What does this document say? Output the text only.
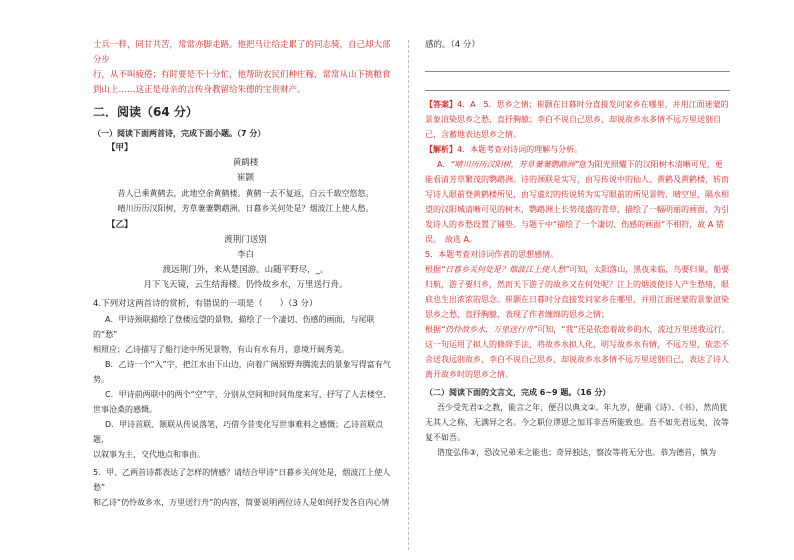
士兵一样，同甘共苦，常常亦脚走路。他把马让给走累了的同志骑，自己却大部分步

行，从不叫疲倦；有时要是不十分忙，他帮助农民们种庄稼，常常从山下挑粮食

到山上……这正是母亲的言传身教留给朱德的宝贵财产。

二．阅读（64 分）

（一）阅读下面两首诗，完成下面小题。（7 分）

【甲】

黄鹤楼

崔颢

昔人已乘黄鹤去，此地空余黄鹤楼。黄鹤一去不复返，白云千载空悠悠。

晴川历历汉阳树，芳草萋萋鹦鹉洲。日暮乡关何处是？烟波江上使人愁。

【乙】

渡荆门送别

李白

渡远荆门外，来从楚国游。山随平野尽，_。

月下飞天镜，云生结海楼。仍怜故乡水，万里送行舟。

4.下列对这两首诗的赏析，有错误的一项是（　　）（3 分）

A．甲诗颈联描绘了登楼远望的景物，描绘了一个凄切、伤感的画面，与尾联的“愁”

相照应；乙诗描写了船行途中所见景物，有山有水有月，意境开阔秀美。

B．乙诗一个“入”字，把江水由下山边，向着广阔原野奔腾流去的景象写得富有气

势。

C．甲诗前两联中的两个“空”字，分别从空间和时间角度来写，抒写了人去楼空、

世事沧桑的感慨。

D．甲诗首联、颔联从传说落笔，巧借今昔变化写世事难料之感慨；乙诗首联点题，

以叙事为主，交代地点和事由。

5．甲、乙两首诗都表达了怎样的情感？请结合甲诗“日暮乡关何处是，烟波江上使人愁”

和乙诗“仍怜故乡水，万里送行舟”的内容，简要说明两位诗人是如何抒发各自内心情

感的。（4 分）

【答案】4．A　5．思乡之情；崔颢在日暮时分直接发问家乡在哪里，并用江面迷蒙的景象渲染思乡之愁，直抒胸臆；李白不说自己思乡，却说故乡水多情不远万里送别自己，含蓄地表达思乡之情。

【解析】4．本题考查对诗词的理解与分析。

A．“晴川历历汉阳树，芳草萋萋鹦鹉洲”意为阳光照耀下的汉阳树木清晰可见，更能看清芳草繁茂的鹦鹉洲。诗的颈联是实写，由写传说中的仙人、黄鹤及黄鹤楼，转而写诗人眼前登黄鹤楼所见，由写虚幻的传说转为实写眼前的所见景物，晴空里，隔水相望的汉阳城清晰可见的树木，鹦鹉洲上长势茂盛的青草，描绘了一幅明丽的画面，为引发诗人的乡愁设置了铺垫。与题干中“描绘了一个凄切、伤感的画面”不相符，故 A 错误。　故选 A。

5．本题考查对诗词作者的思想感情。

根据“日暮乡关何处是？烟波江上使人愁”可知，太阳落山，黑夜来临，鸟要归巢，船要归航，游子要归乡，然而天下游子的故乡又在何处呢？江上的烟波使诗人产生愁绪，眼底也生出浓浓的思念。崔颢在日暮时分直接发问家乡在哪里，并用江面迷蒙的景象渲染思乡之愁，直抒胸臆，表现了作者缠绵的思乡之情；

根据“仍怜故乡水，万里送行舟”可知，“我”还是依恋着故乡的水，流过万里送我远行。这一句运用了拟人的修辞手法，将故乡水拟人化，明写故乡水有情，不远万里，依恋不舍送我远别故乡，李白不说自己思乡，却说故乡水多情不远万里送别自己，表达了诗人离开故乡时的思乡之情。

（二）阅读下面的文言文，完成 6~9 题。（16 分）

吾少受先君①之教，能言之年，便召以典文②。年九岁，便诵《诗》、《书》，然尚犹无其人之称，无满异之名。今之职位谬恩之加耳非吾所能致也。吾不如先君远矣，汝等复不如吾。

谘度弘伟③，恐汝兄弟未之能也；奇异独达，察汝等将无分也。恭为德首，慎为
